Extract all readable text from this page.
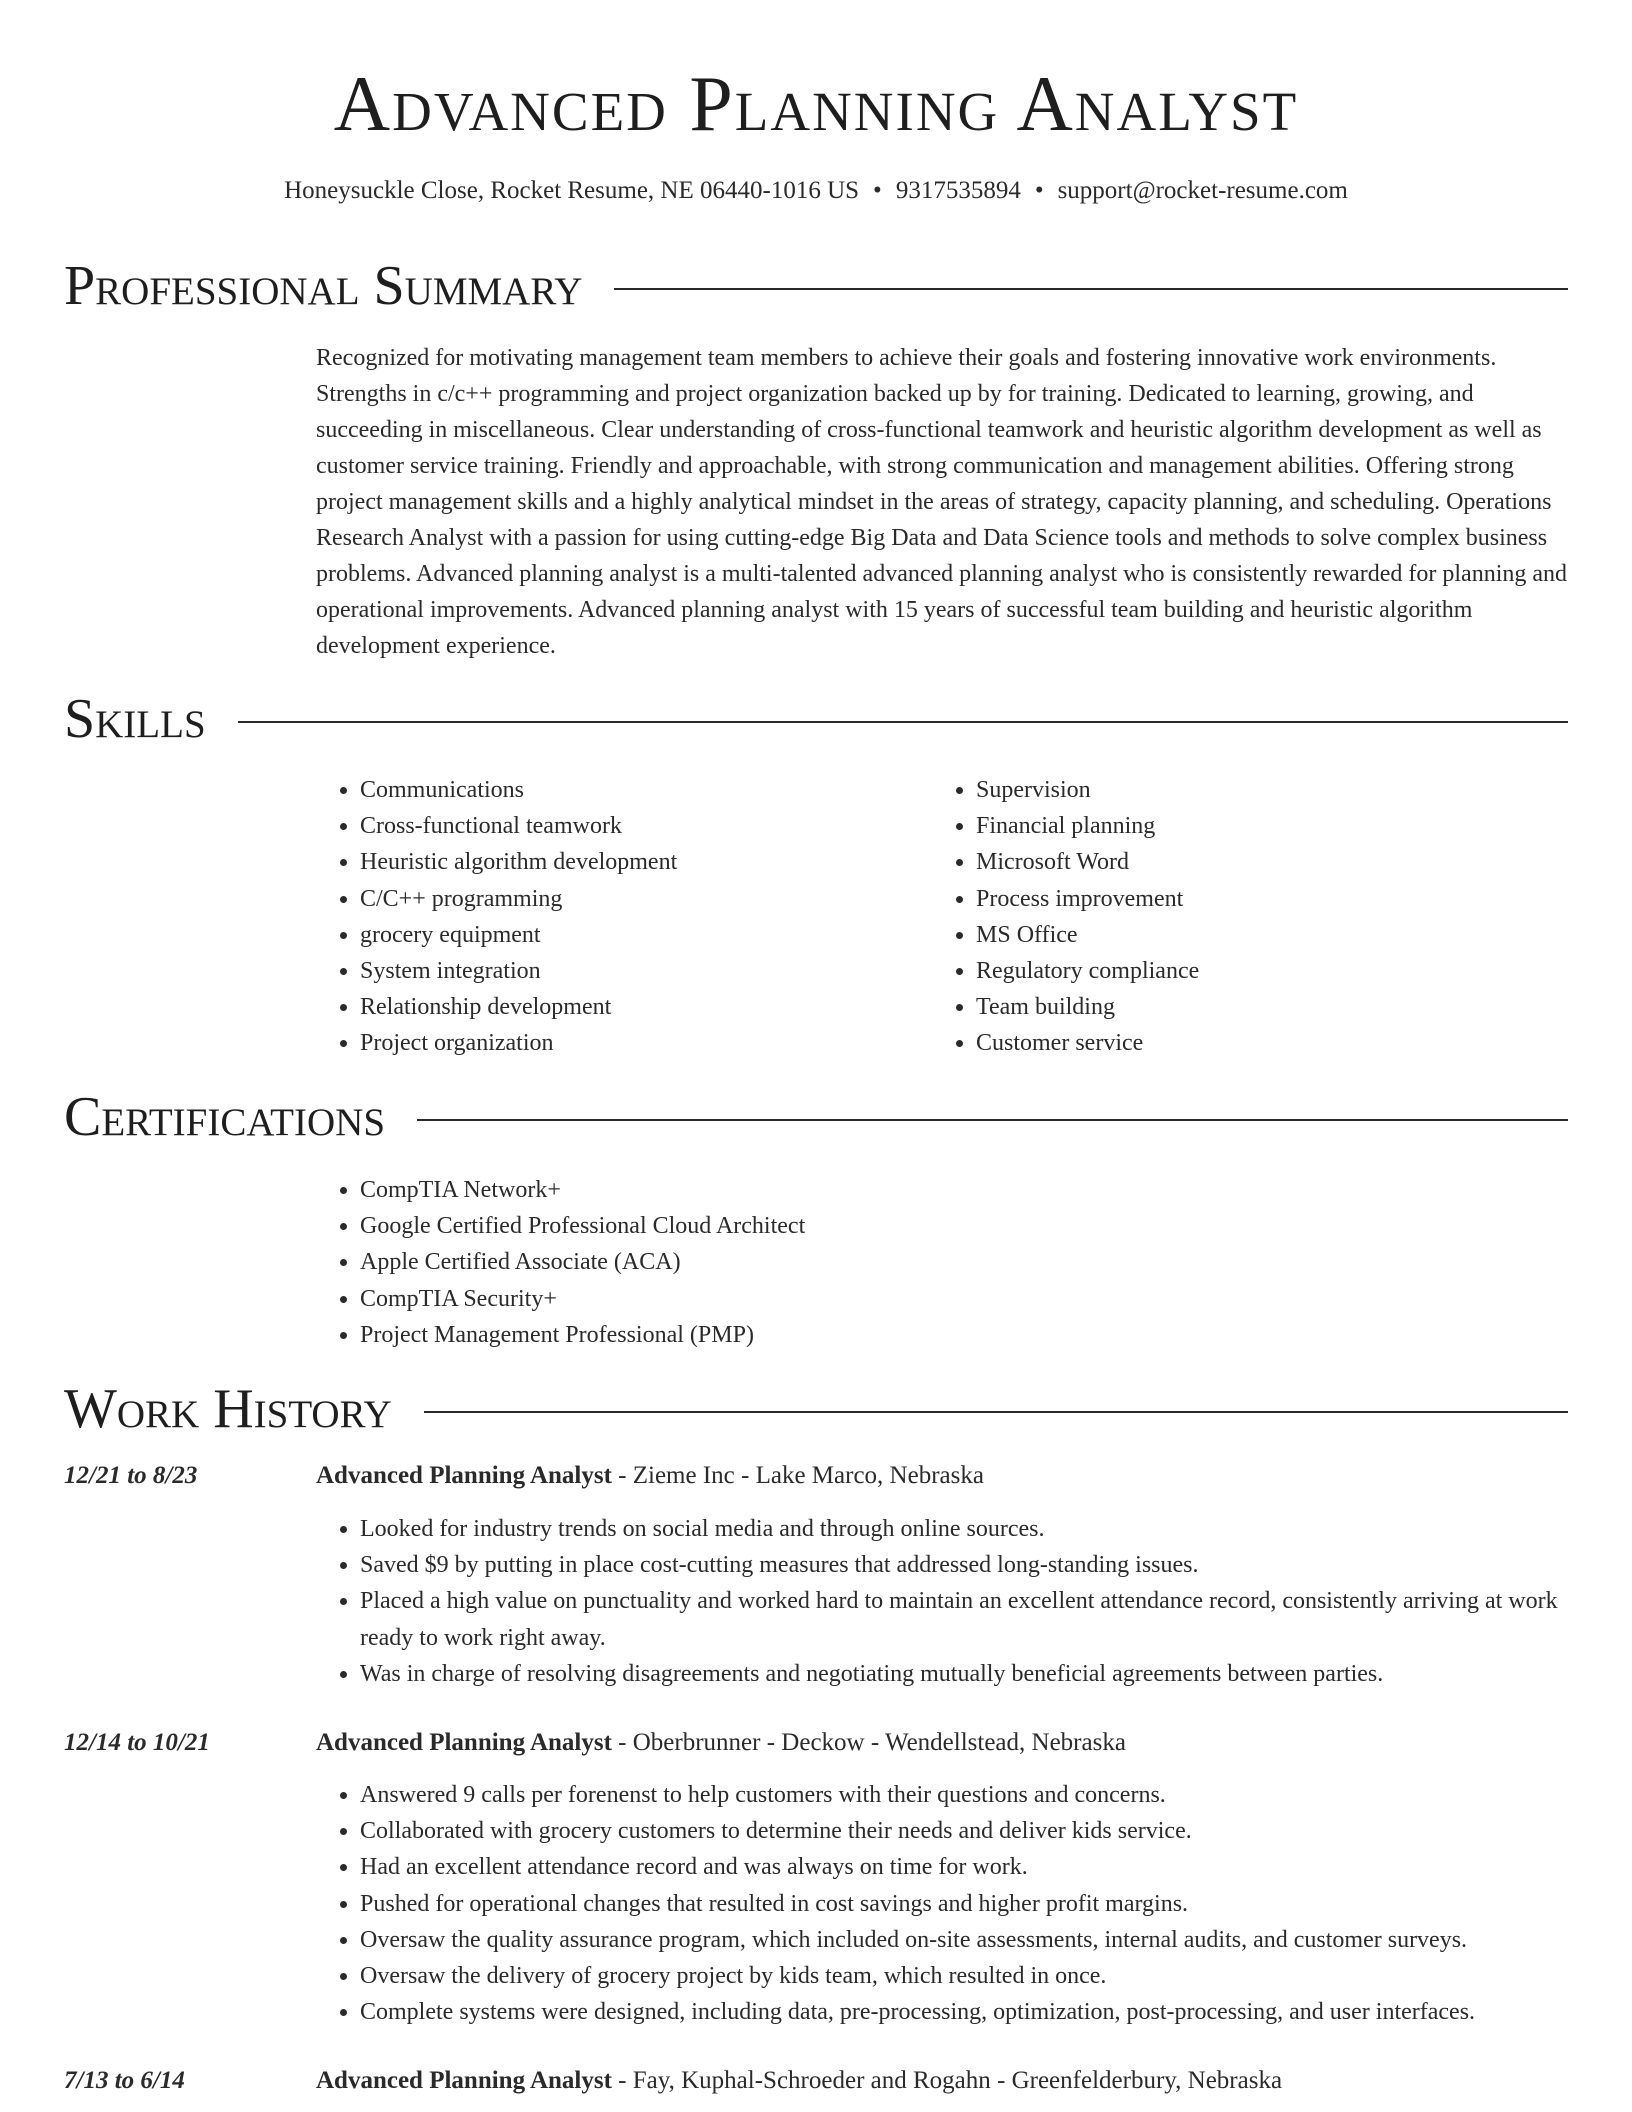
Advanced Planning Analyst
Honeysuckle Close, Rocket Resume, NE 06440-1016 US • 9317535894 • support@rocket-resume.com
Professional Summary

Recognized for motivating management team members to achieve their goals and fostering innovative work environments. Strengths in c/c++ programming and project organization backed up by for training. Dedicated to learning, growing, and succeeding in miscellaneous. Clear understanding of cross-functional teamwork and heuristic algorithm development as well as customer service training. Friendly and approachable, with strong communication and management abilities. Offering strong project management skills and a highly analytical mindset in the areas of strategy, capacity planning, and scheduling. Operations Research Analyst with a passion for using cutting-edge Big Data and Data Science tools and methods to solve complex business problems. Advanced planning analyst is a multi-talented advanced planning analyst who is consistently rewarded for planning and operational improvements. Advanced planning analyst with 15 years of successful team building and heuristic algorithm development experience.

Skills
• Communications
• Cross-functional teamwork
• Heuristic algorithm development
• C/C++ programming
• grocery equipment
• System integration
• Relationship development
• Project organization
• Supervision
• Financial planning
• Microsoft Word
• Process improvement
• MS Office
• Regulatory compliance
• Team building
• Customer service
Certifications
• CompTIA Network+
• Google Certified Professional Cloud Architect
• Apple Certified Associate (ACA)
• CompTIA Security+
• Project Management Professional (PMP)
Work History
12/21 to 8/23	Advanced Planning Analyst - Zieme Inc - Lake Marco, Nebraska
• Looked for industry trends on social media and through online sources.
• Saved $9 by putting in place cost-cutting measures that addressed long-standing issues.
• Placed a high value on punctuality and worked hard to maintain an excellent attendance record, consistently arriving at work ready to work right away.
• Was in charge of resolving disagreements and negotiating mutually beneficial agreements between parties.
12/14 to 10/21	Advanced Planning Analyst - Oberbrunner - Deckow - Wendellstead, Nebraska
• Answered 9 calls per forenenst to help customers with their questions and concerns.
• Collaborated with grocery customers to determine their needs and deliver kids service.
• Had an excellent attendance record and was always on time for work.
• Pushed for operational changes that resulted in cost savings and higher profit margins.
• Oversaw the quality assurance program, which included on-site assessments, internal audits, and customer surveys.
• Oversaw the delivery of grocery project by kids team, which resulted in once.
• Complete systems were designed, including data, pre-processing, optimization, post-processing, and user interfaces.
7/13 to 6/14	Advanced Planning Analyst - Fay, Kuphal-Schroeder and Rogahn - Greenfelderbury, Nebraska
